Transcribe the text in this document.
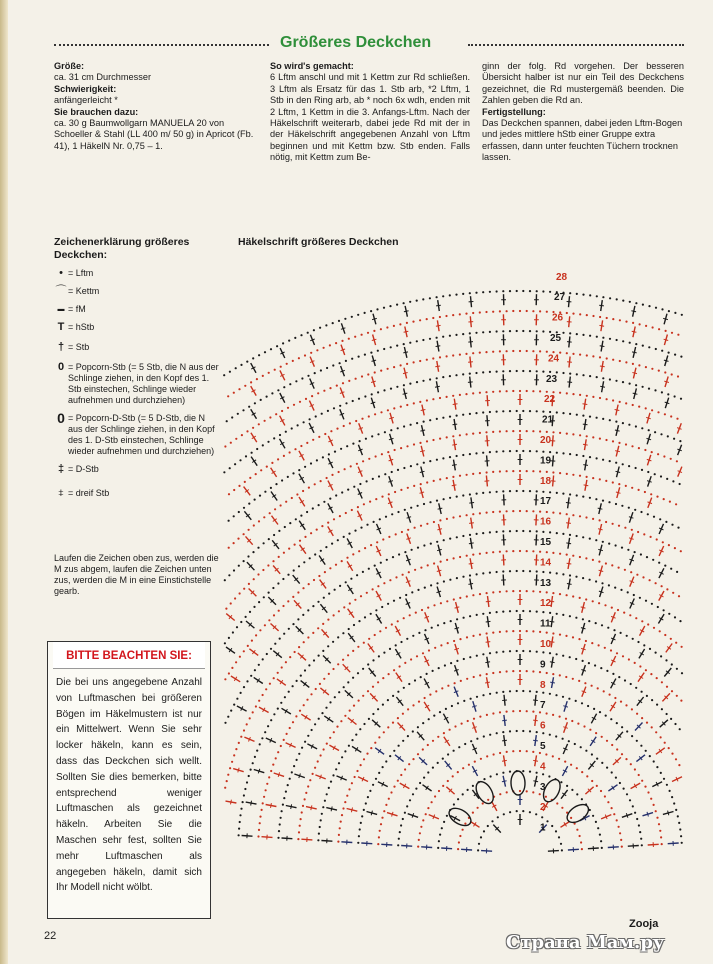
Größeres Deckchen
Größe:

ca. 31 cm Durchmesser

Schwierigkeit:

anfängerleicht *

Sie brauchen dazu:

ca. 30 g Baumwollgarn MANUELA 20 von Schoeller & Stahl (LL 400 m/ 50 g) in Apricot (Fb. 41), 1 HäkelN Nr. 0,75 – 1.

So wird's gemacht:

6 Lftm anschl und mit 1 Kettm zur Rd schließen. 3 Lftm als Ersatz für das 1. Stb arb, *2 Lftm, 1 Stb in den Ring arb, ab * noch 6x wdh, enden mit 2 Lftm, 1 Kettm in die 3. Anfangs-Lftm. Nach der Häkelschrift weiterarb, dabei jede Rd mit der in der Häkelschrift angegebenen Anzahl von Lftm beginnen und mit Kettm bzw. Stb enden. Falls nötig, mit Kettm zum Be-

ginn der folg. Rd vorgehen. Der besseren Übersicht halber ist nur ein Teil des Deckchens gezeichnet, die Rd mustergemäß beenden. Die Zahlen geben die Rd an.

Fertigstellung:

Das Deckchen spannen, dabei jeden Lftm-Bogen und jedes mittlere hStb einer Gruppe extra erfassen, dann unter feuchten Tüchern trocknen lassen.

Zeichenerklärung größeres Deckchen:
Häkelschrift größeres Deckchen
• = Lftm
⌒ = Kettm
▬ = fM
T = hStb
† = Stb
0 = Popcorn-Stb (= 5 Stb, die N aus der Schlinge ziehen, in den Kopf des 1. Stb einstechen, Schlinge wieder aufnehmen und durchziehen)
0 = Popcorn-D-Stb (= 5 D-Stb, die N aus der Schlinge ziehen, in den Kopf des 1. D-Stb einstechen, Schlinge wieder aufnehmen und durchziehen)
‡ = D-Stb
⧧ = dreif Stb
Laufen die Zeichen oben zus, werden die M zus abgem, laufen die Zeichen unten zus, werden die M in eine Einstichstelle gearb.
28
27
26
25
24
23
22
21
20
19
18
17
16
15
14
13
12
11
10
9
8
7
6
5
4
3
2
1
BITTE BEACHTEN SIE:
Die bei uns angegebene Anzahl von Luftmaschen bei größeren Bögen im Häkelmustern ist nur ein Mittelwert. Wenn Sie sehr locker häkeln, kann es sein, dass das Deckchen sich wellt. Sollten Sie dies bemerken, bitte entsprechend weniger Luftmaschen als gezeichnet häkeln. Arbeiten Sie die Maschen sehr fest, sollten Sie mehr Luftmaschen als angegeben häkeln, damit sich Ihr Modell nicht wölbt.
22
Zooja
Страна Мам.ру
